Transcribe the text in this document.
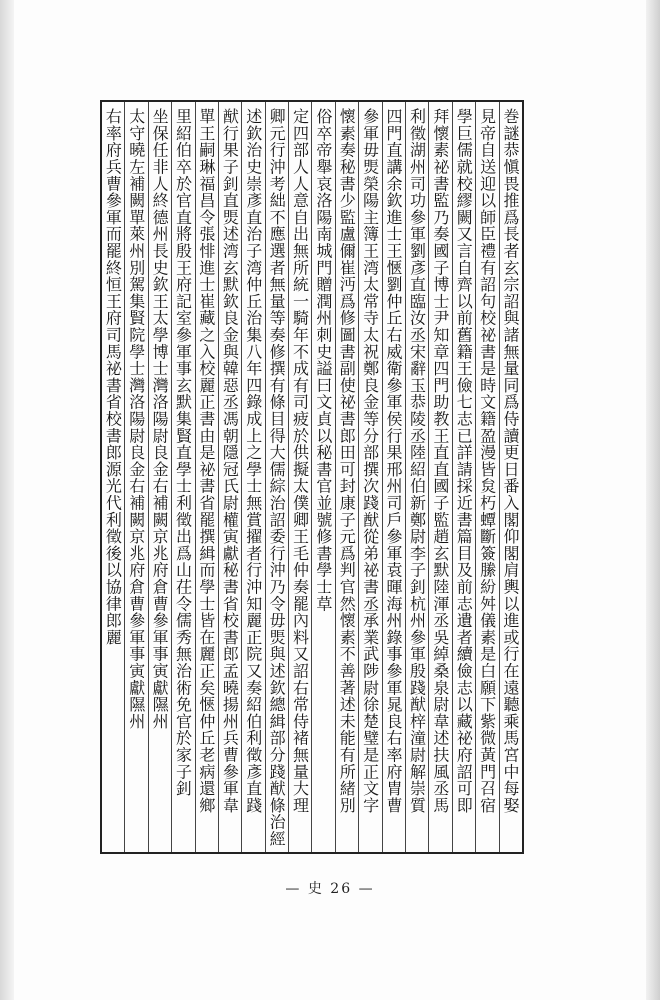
巻謎恭愼畏推爲長者玄宗詔與諸無量同爲侍讀更日番入閣仰閣肩輿以進或行在遠聽乘馬宮中每娶
見帝自送迎以師臣禮有詔句校祕書是時文籍盈漫皆炱朽蟫斷簽縢紛舛儀素是白願下紫微黃門召宿
學巨儒就校繆闕又言自齊以前舊籍王儉七志已詳請採近書篇目及前志遺者續儉志以藏祕府詔可即
拜懷素祕書監乃奏國子博士尹知章四門助教王直直國子監趙玄默陸渾丞吳綽桑泉尉韋述扶風丞馬
利徵湖州司功參軍劉彥直臨汝丞宋辭玉恭陵丞陸紹伯新鄭尉李子釗杭州參軍殷踐猷梓潼尉解崇質
四門直講余欽進士王愜劉仲丘右威衛參軍侯行果邢州司戶參軍袁暉海州錄事參軍晁良右率府胄曹
參軍毋煚榮陽主簿王湾太常寺太祝鄭良金等分部撰次踐猷從弟祕書丞承業武陟尉徐楚璧是正文字
懷素奏秘書少監盧儞崔沔爲修圖書副使祕書郎田可封康子元爲判官然懷素不善著述未能有所緒別
俗卒帝舉哀洛陽南城門贈潤州刺史謚曰文貞以秘書官並號修書學士草
定四部人人意自出無所統一騎年不成有司疲於供擬太僕卿王毛仲奏罷內料又詔右常侍褚無量大理
卿元行沖考絀不應選者無量等奏修撰有條目得大儒綜治詔委行沖乃令毋煚與述欽總緝部分踐猷條治經
述欽治史崇彥直治子湾仲丘治集八年四錄成上之學士無賞擢者行沖知麗正院又奏紹伯利徵彥直踐
猷行果子釗直煚述湾玄默欽良金與韓惡丞馮朝隱冠氏尉權寅獻秘書省校書郎孟曉揚州兵曹參軍韋
單王嗣琳福昌令張悱進士崔藏之入校麗正書由是祕書省罷撰緝而學士皆在麗正矣愜仲丘老病還鄉
里紹伯卒於官直將殷王府記室參軍事玄默集賢直學士利徵出爲山茌令儒秀無治術免官於家子釗
坐保任非人終德州長史欽王太學博士灣洛陽尉良金右補闕京兆府倉曹參軍事寅獻隰州
太守曉左補闕單萊州別駕集賢院學士灣洛陽尉良金右補闕京兆府倉曹參軍事寅獻隰州
右率府兵曹參軍而罷終恒王府司馬祕書省校書郎源光代利徵後以協律郎麗
— 史 26 —
